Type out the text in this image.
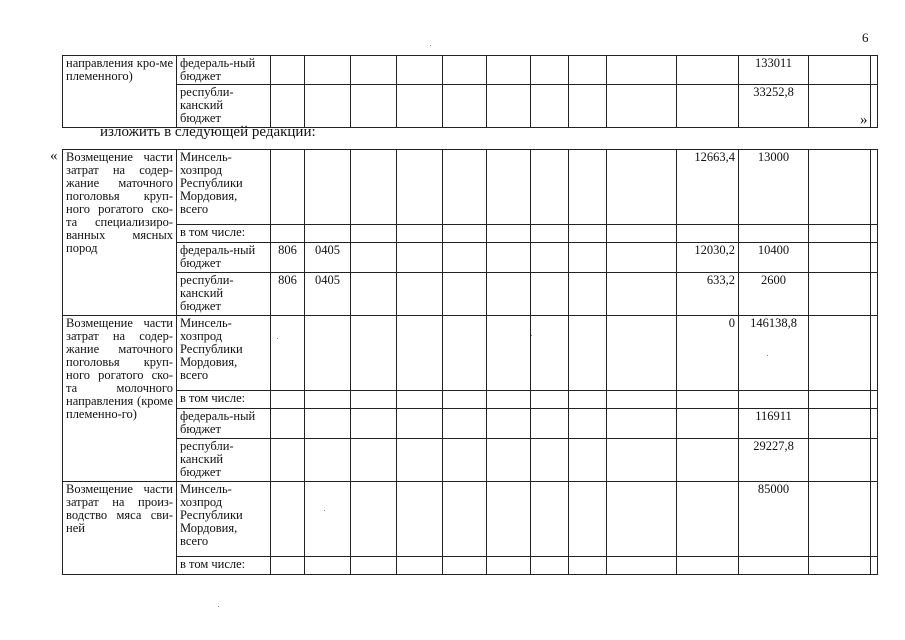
6
направления кро-ме племенного)	федераль-ный бюджет											133011		
	республи-канский бюджет											33252,8		
»
изложить в следующей редакции:
« Возмещение части затрат на содер-жание маточного поголовья круп-ного рогатого ско-та специализиро-ванных мясных пород	Минсель-хозпрод Республики Мордовия, всего										12663,4	13000		
	в том числе:													
	федераль-ный бюджет	806	0405								12030,2	10400		
	республи-канский бюджет	806	0405								633,2	2600		
Возмещение части затрат на содер-жание маточного поголовья круп-ного рогатого ско-та молочного направления (кроме племенно-го)	Минсель-хозпрод Республики Мордовия, всего										0	146138,8		
	в том числе:													
	федераль-ный бюджет											116911		
	республи-канский бюджет											29227,8		
Возмещение части затрат на произ-водство мяса сви-ней	Минсель-хозпрод Республики Мордовия, всего											85000		
	в том числе:													
